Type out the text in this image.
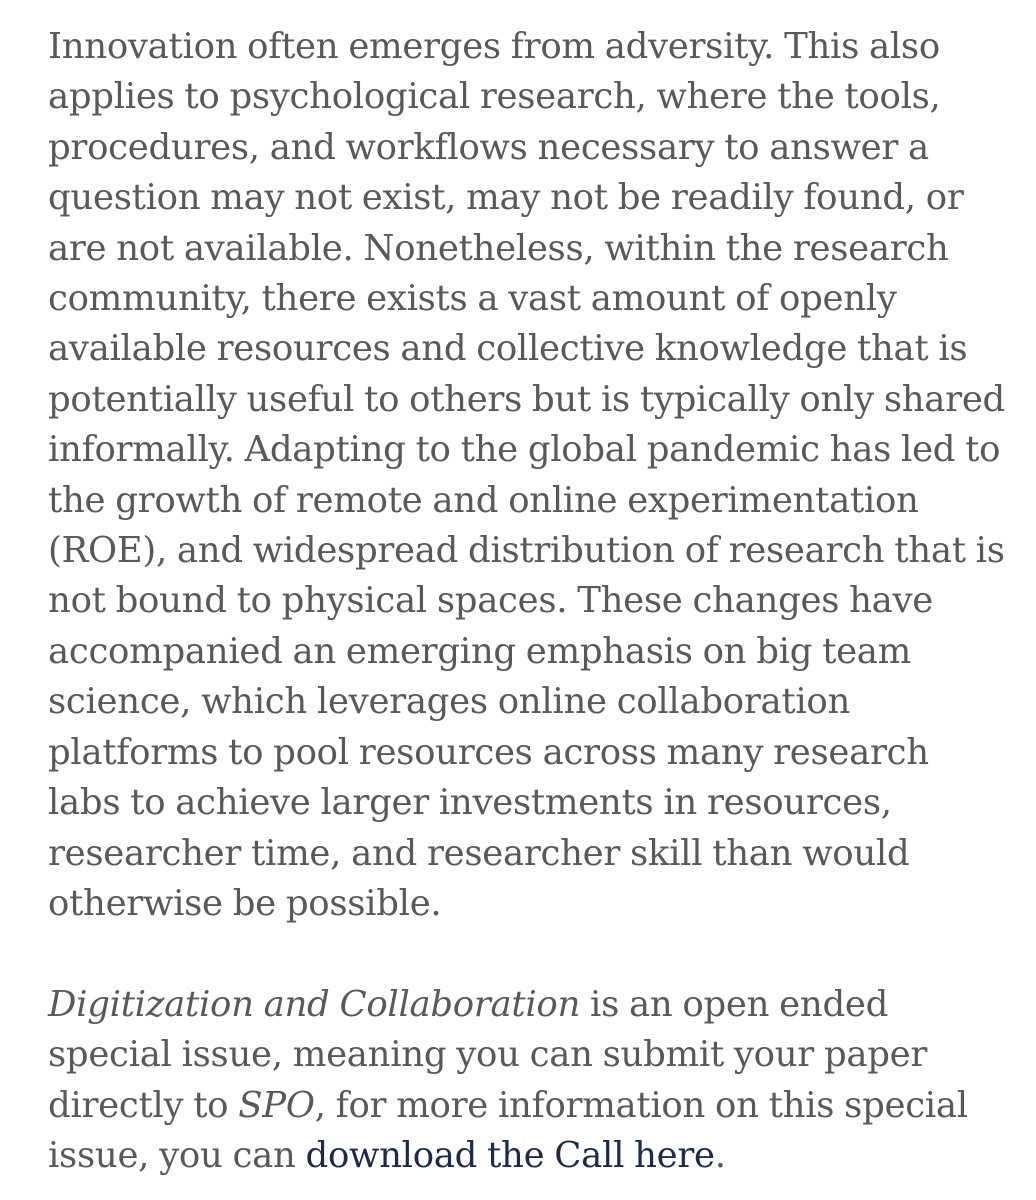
Innovation often emerges from adversity. This also applies to psychological research, where the tools, procedures, and workflows necessary to answer a question may not exist, may not be readily found, or are not available. Nonetheless, within the research community, there exists a vast amount of openly available resources and collective knowledge that is potentially useful to others but is typically only shared informally. Adapting to the global pandemic has led to the growth of remote and online experimentation (ROE), and widespread distribution of research that is not bound to physical spaces. These changes have accompanied an emerging emphasis on big team science, which leverages online collaboration platforms to pool resources across many research labs to achieve larger investments in resources, researcher time, and researcher skill than would otherwise be possible.

Digitization and Collaboration is an open ended special issue, meaning you can submit your paper directly to SPO, for more information on this special issue, you can download the Call here.
